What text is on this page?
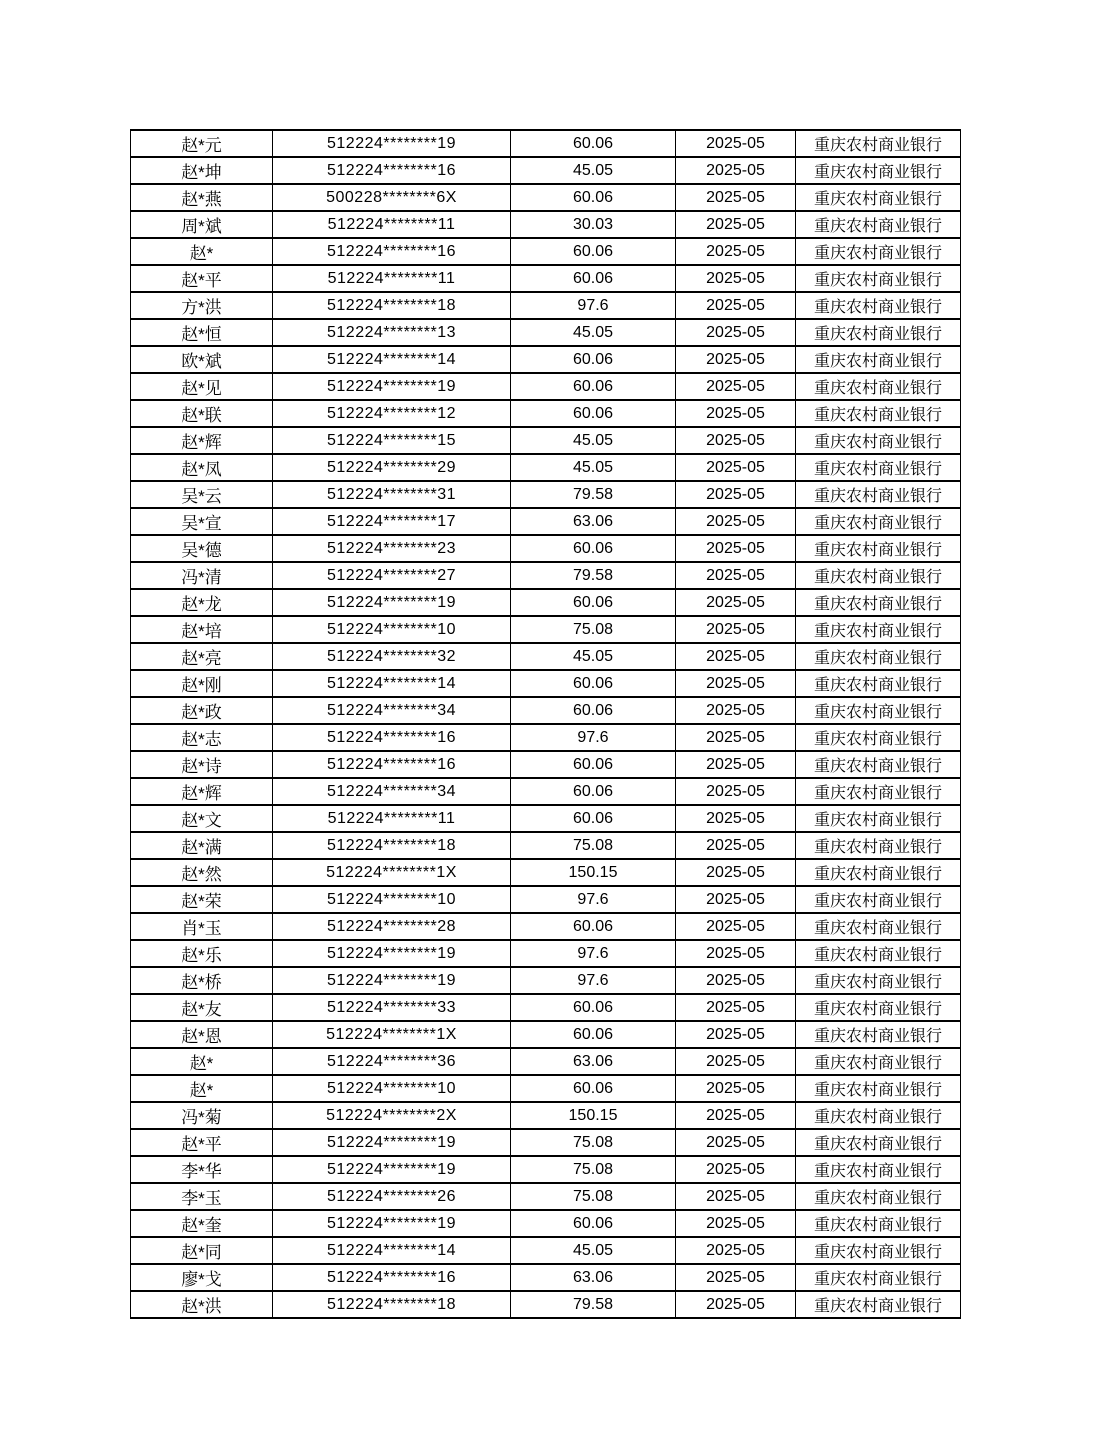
赵*元	512224********19	60.06	2025-05	重庆农村商业银行
赵*坤	512224********16	45.05	2025-05	重庆农村商业银行
赵*燕	500228********6X	60.06	2025-05	重庆农村商业银行
周*斌	512224********11	30.03	2025-05	重庆农村商业银行
赵*	512224********16	60.06	2025-05	重庆农村商业银行
赵*平	512224********11	60.06	2025-05	重庆农村商业银行
方*洪	512224********18	97.6	2025-05	重庆农村商业银行
赵*恒	512224********13	45.05	2025-05	重庆农村商业银行
欧*斌	512224********14	60.06	2025-05	重庆农村商业银行
赵*见	512224********19	60.06	2025-05	重庆农村商业银行
赵*联	512224********12	60.06	2025-05	重庆农村商业银行
赵*辉	512224********15	45.05	2025-05	重庆农村商业银行
赵*凤	512224********29	45.05	2025-05	重庆农村商业银行
吴*云	512224********31	79.58	2025-05	重庆农村商业银行
吴*宣	512224********17	63.06	2025-05	重庆农村商业银行
吴*德	512224********23	60.06	2025-05	重庆农村商业银行
冯*清	512224********27	79.58	2025-05	重庆农村商业银行
赵*龙	512224********19	60.06	2025-05	重庆农村商业银行
赵*培	512224********10	75.08	2025-05	重庆农村商业银行
赵*亮	512224********32	45.05	2025-05	重庆农村商业银行
赵*刚	512224********14	60.06	2025-05	重庆农村商业银行
赵*政	512224********34	60.06	2025-05	重庆农村商业银行
赵*志	512224********16	97.6	2025-05	重庆农村商业银行
赵*诗	512224********16	60.06	2025-05	重庆农村商业银行
赵*辉	512224********34	60.06	2025-05	重庆农村商业银行
赵*文	512224********11	60.06	2025-05	重庆农村商业银行
赵*满	512224********18	75.08	2025-05	重庆农村商业银行
赵*然	512224********1X	150.15	2025-05	重庆农村商业银行
赵*荣	512224********10	97.6	2025-05	重庆农村商业银行
肖*玉	512224********28	60.06	2025-05	重庆农村商业银行
赵*乐	512224********19	97.6	2025-05	重庆农村商业银行
赵*桥	512224********19	97.6	2025-05	重庆农村商业银行
赵*友	512224********33	60.06	2025-05	重庆农村商业银行
赵*恩	512224********1X	60.06	2025-05	重庆农村商业银行
赵*	512224********36	63.06	2025-05	重庆农村商业银行
赵*	512224********10	60.06	2025-05	重庆农村商业银行
冯*菊	512224********2X	150.15	2025-05	重庆农村商业银行
赵*平	512224********19	75.08	2025-05	重庆农村商业银行
李*华	512224********19	75.08	2025-05	重庆农村商业银行
李*玉	512224********26	75.08	2025-05	重庆农村商业银行
赵*奎	512224********19	60.06	2025-05	重庆农村商业银行
赵*同	512224********14	45.05	2025-05	重庆农村商业银行
廖*戈	512224********16	63.06	2025-05	重庆农村商业银行
赵*洪	512224********18	79.58	2025-05	重庆农村商业银行
